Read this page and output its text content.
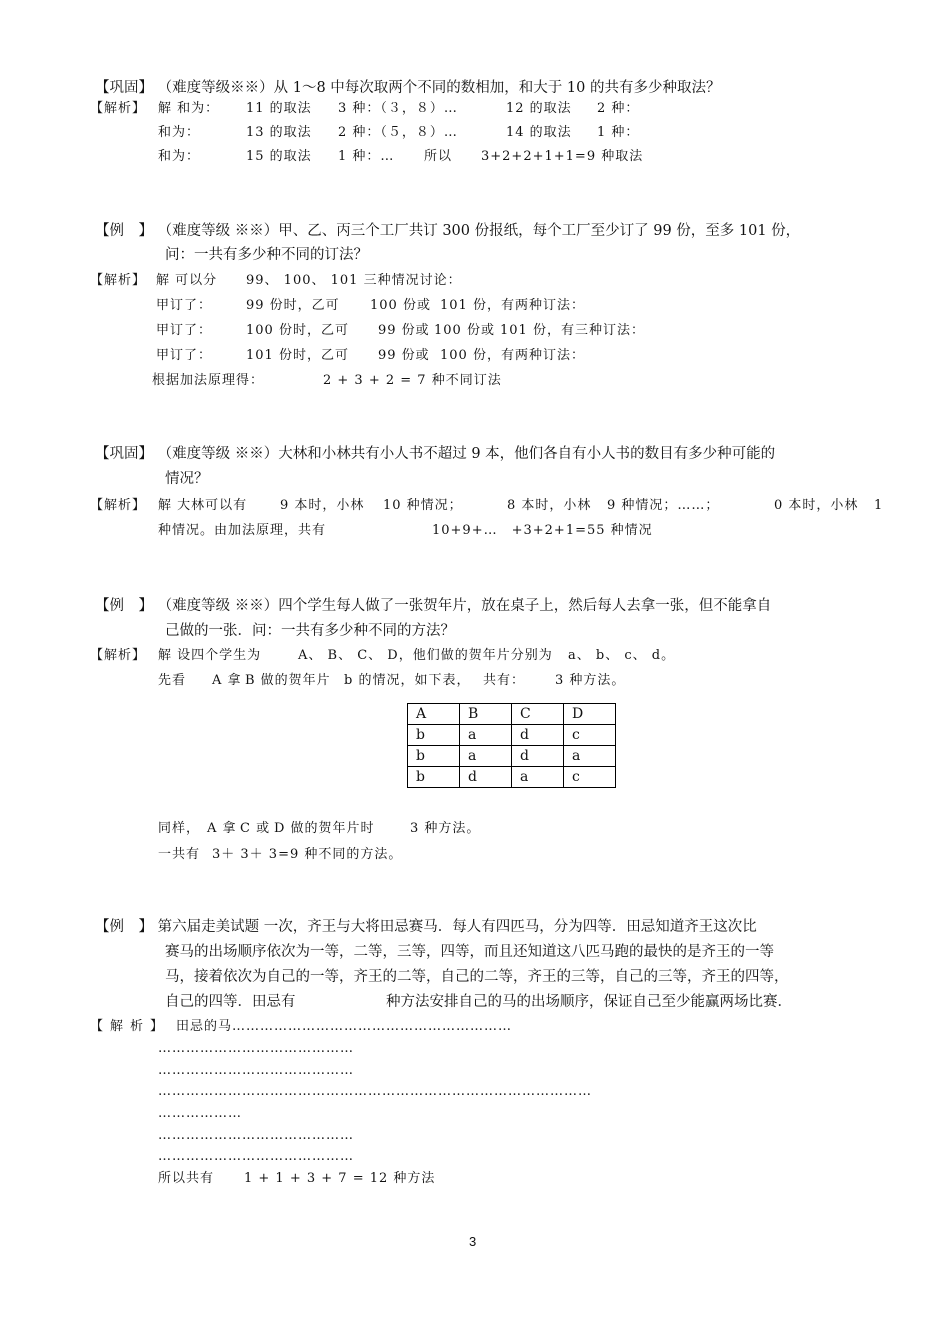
【巩固】 （难度等级※※）从 1～8 中每次取两个不同的数相加，和大于 10 的共有多少种取法？
【解析】 解 和为： 11 的取法 3 种：（３，８）…	12 的取法 2 种：
和为：	13 的取法 2 种：（５，８）…	14 的取法 1 种：
和为：	15 的取法 1 种：… 所以 3+2+2+1+1=9 种取法
【例　】 （难度等级 ※※）甲、乙、丙三个工厂共订 300 份报纸，每个工厂至少订了 99 份，至多 101 份，
问：一共有多少种不同的订法？
【解析】 解 可以分 99、 100、 101 三种情况讨论：
甲订了：	99 份时，乙可 100 份或 101 份，有两种订法：
甲订了：	100 份时，乙可 99 份或 100 份或 101 份，有三种订法：
甲订了：	101 份时，乙可 99 份或 100 份，有两种订法：
根据加法原理得：	2 + 3 + 2 = 7 种不同订法
【巩固】 （难度等级 ※※）大林和小林共有小人书不超过 9 本，他们各自有小人书的数目有多少种可能的
情况？
【解析】 解 大林可以有	9 本时，小林 10 种情况；	8 本时，小林 9 种情况；……；	0 本时，小林 1
种情况。由加法原理，共有	10+9+…　+3+2+1=55 种情况
【例　】 （难度等级 ※※）四个学生每人做了一张贺年片，放在桌子上，然后每人去拿一张，但不能拿自
己做的一张．问：一共有多少种不同的方法？
【解析】 解 设四个学生为	A、 B、 C、 D，他们做的贺年片分别为 a、 b、 c、 d。
先看 A 拿 B 做的贺年片 b 的情况，如下表， 共有： 3 种方法。
A	B	C	D
b	a	d	c
b	a	d	a
b	d	a	c
同样， A 拿 C 或 D 做的贺年片时	3 种方法。
一共有 3＋ 3＋ 3=9 种不同的方法。
【例　】 第六届走美试题 一次，齐王与大将田忌赛马．每人有四匹马，分为四等．田忌知道齐王这次比
赛马的出场顺序依次为一等，二等，三等，四等，而且还知道这八匹马跑的最快的是齐王的一等
马，接着依次为自己的一等，齐王的二等，自己的二等，齐王的三等，自己的三等，齐王的四等，
自己的四等．田忌有	种方法安排自己的马的出场顺序，保证自己至少能赢两场比赛．
【解析】 田忌的马……………………………………………………
……………………………………
……………………………………
…………………………………………………………………………………
………………
……………………………………
……………………………………
所以共有 1 + 1 + 3 + 7 = 12 种方法
3
